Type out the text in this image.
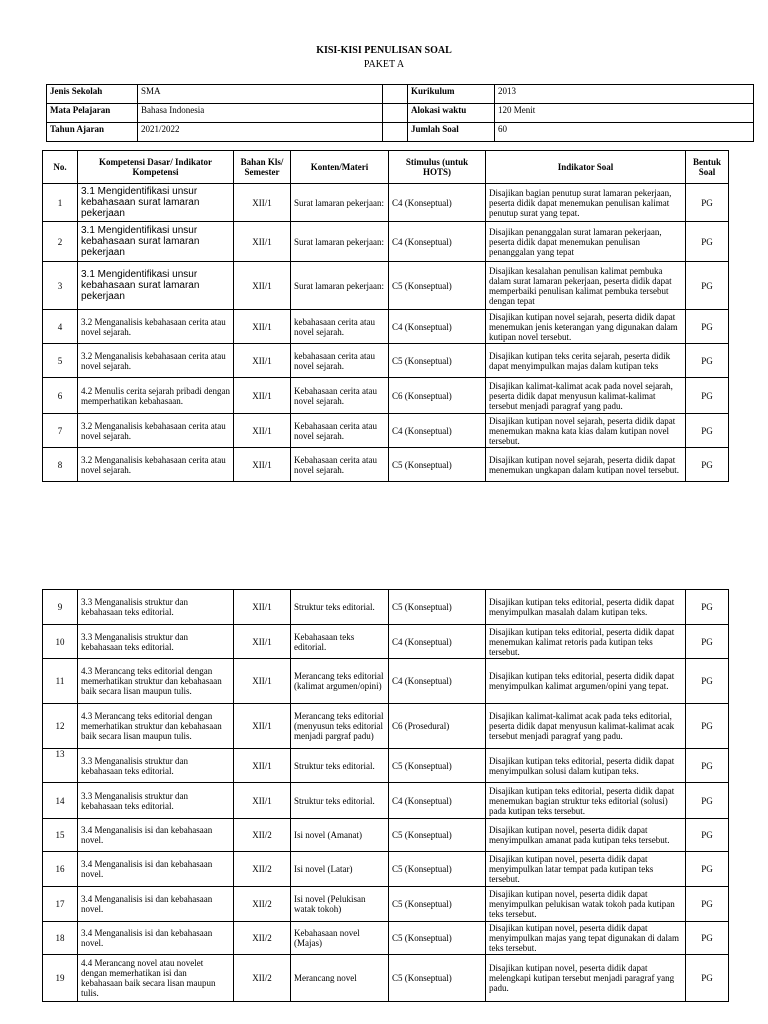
KISI-KISI PENULISAN SOAL
PAKET A
Jenis Sekolah	SMA		Kurikulum	2013
Mata Pelajaran	Bahasa Indonesia		Alokasi waktu	120 Menit
Tahun Ajaran	2021/2022		Jumlah Soal	60
No.	Kompetensi Dasar/ Indikator Kompetensi	Bahan Kls/ Semester	Konten/Materi	Stimulus (untuk HOTS)	Indikator Soal	Bentuk Soal
1	3.1 Mengidentifikasi unsur kebahasaan surat lamaran pekerjaan	XII/1	Surat lamaran pekerjaan:	C4 (Konseptual)	Disajikan bagian penutup surat lamaran pekerjaan, peserta didik dapat menemukan penulisan kalimat penutup surat yang tepat.	PG
2	3.1 Mengidentifikasi unsur kebahasaan surat lamaran pekerjaan	XII/1	Surat lamaran pekerjaan:	C4 (Konseptual)	Disajikan penanggalan surat lamaran pekerjaan, peserta didik dapat menemukan penulisan penanggalan yang tepat	PG
3	3.1 Mengidentifikasi unsur kebahasaan surat lamaran pekerjaan	XII/1	Surat lamaran pekerjaan:	C5 (Konseptual)	Disajikan kesalahan penulisan kalimat pembuka dalam surat lamaran pekerjaan, peserta didik dapat memperbaiki penulisan kalimat pembuka tersebut dengan tepat	PG
4	3.2 Menganalisis kebahasaan cerita atau novel sejarah.	XII/1	kebahasaan cerita atau novel sejarah.	C4 (Konseptual)	Disajikan kutipan novel sejarah, peserta didik dapat menemukan jenis keterangan yang digunakan dalam kutipan novel tersebut.	PG
5	3.2 Menganalisis kebahasaan cerita atau novel sejarah.	XII/1	kebahasaan cerita atau novel sejarah.	C5 (Konseptual)	Disajikan kutipan teks cerita sejarah, peserta didik dapat menyimpulkan majas dalam kutipan teks	PG
6	4.2 Menulis cerita sejarah pribadi dengan memperhatikan kebahasaan.	XII/1	Kebahasaan cerita atau novel sejarah.	C6 (Konseptual)	Disajikan kalimat-kalimat acak pada novel sejarah, peserta didik dapat menyusun kalimat-kalimat tersebut menjadi paragraf yang padu.	PG
7	3.2 Menganalisis kebahasaan cerita atau novel sejarah.	XII/1	Kebahasaan cerita atau novel sejarah.	C4 (Konseptual)	Disajikan kutipan novel sejarah, peserta didik dapat menemukan makna kata kias dalam kutipan novel tersebut.	PG
8	3.2 Menganalisis kebahasaan cerita atau novel sejarah.	XII/1	Kebahasaan cerita atau novel sejarah.	C5 (Konseptual)	Disajikan kutipan novel sejarah, peserta didik dapat menemukan ungkapan dalam kutipan novel tersebut.	PG
9	3.3 Menganalisis struktur dan kebahasaan teks editorial.	XII/1	Struktur teks editorial.	C5 (Konseptual)	Disajikan kutipan teks editorial, peserta didik dapat menyimpulkan masalah dalam kutipan teks.	PG
10	3.3 Menganalisis struktur dan kebahasaan teks editorial.	XII/1	Kebahasaan teks editorial.	C4 (Konseptual)	Disajikan kutipan teks editorial, peserta didik dapat menemukan kalimat retoris pada kutipan teks tersebut.	PG
11	4.3 Merancang teks editorial dengan memerhatikan struktur dan kebahasaan baik secara lisan maupun tulis.	XII/1	Merancang teks editorial (kalimat argumen/opini)	C4 (Konseptual)	Disajikan kutipan teks editorial, peserta didik dapat menyimpulkan kalimat argumen/opini yang tepat.	PG
12	4.3 Merancang teks editorial dengan memerhatikan struktur dan kebahasaan baik secara lisan maupun tulis.	XII/1	Merancang teks editorial (menyusun teks editorial menjadi pargraf padu)	C6 (Prosedural)	Disajikan kalimat-kalimat acak pada teks editorial, peserta didik dapat menyusun kalimat-kalimat acak tersebut menjadi paragraf yang padu.	PG
13	3.3 Menganalisis struktur dan kebahasaan teks editorial.	XII/1	Struktur teks editorial.	C5 (Konseptual)	Disajikan kutipan teks editorial, peserta didik dapat menyimpulkan solusi dalam kutipan teks.	PG
14	3.3 Menganalisis struktur dan kebahasaan teks editorial.	XII/1	Struktur teks editorial.	C4 (Konseptual)	Disajikan kutipan teks editorial, peserta didik dapat menemukan bagian struktur teks editorial (solusi) pada kutipan teks tersebut.	PG
15	3.4 Menganalisis isi dan kebahasaan novel.	XII/2	Isi novel (Amanat)	C5 (Konseptual)	Disajikan kutipan novel, peserta didik dapat menyimpulkan amanat pada kutipan teks tersebut.	PG
16	3.4 Menganalisis isi dan kebahasaan novel.	XII/2	Isi novel (Latar)	C5 (Konseptual)	Disajikan kutipan novel, peserta didik dapat menyimpulkan latar tempat pada kutipan teks tersebut.	PG
17	3.4 Menganalisis isi dan kebahasaan novel.	XII/2	Isi novel (Pelukisan watak tokoh)	C5 (Konseptual)	Disajikan kutipan novel, peserta didik dapat menyimpulkan pelukisan watak tokoh pada kutipan teks tersebut.	PG
18	3.4 Menganalisis isi dan kebahasaan novel.	XII/2	Kebahasaan novel (Majas)	C5 (Konseptual)	Disajikan kutipan novel, peserta didik dapat menyimpulkan majas yang tepat digunakan di dalam teks tersebut.	PG
19	4.4 Merancang novel atau novelet dengan memerhatikan isi dan kebahasaan baik secara lisan maupun tulis.	XII/2	Merancang novel	C5 (Konseptual)	Disajikan kutipan novel, peserta didik dapat melengkapi kutipan tersebut menjadi paragraf yang padu.	PG
